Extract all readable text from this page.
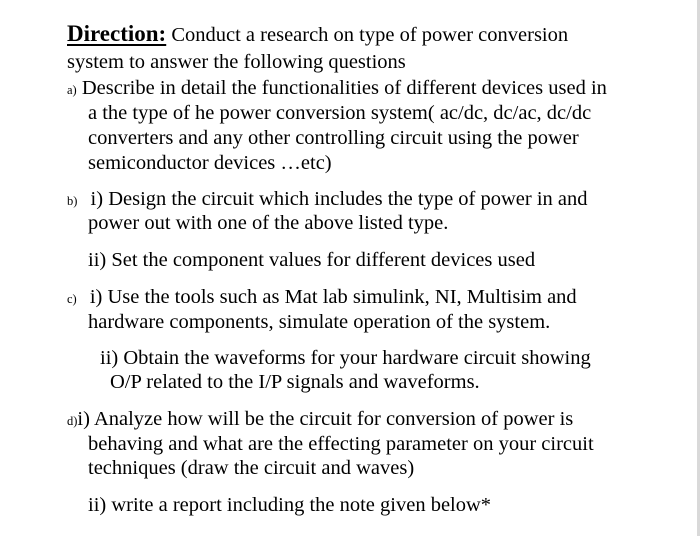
Direction: Conduct a research on type of power conversion
system to answer the following questions
a) Describe in detail the functionalities of different devices used in
a the type of he power conversion system( ac/dc, dc/ac, dc/dc
converters and any other controlling circuit using the power
semiconductor devices …etc)
b) i) Design the circuit which includes the type of power in and
power out with one of the above listed type.
ii) Set the component values for different devices used
c) i) Use the tools such as Mat lab simulink, NI, Multisim and
hardware components, simulate operation of the system.
ii) Obtain the waveforms for your hardware circuit showing
O/P related to the I/P signals and waveforms.
d)i) Analyze how will be the circuit for conversion of power is
behaving and what are the effecting parameter on your circuit
techniques (draw the circuit and waves)
ii) write a report including the note given below*
